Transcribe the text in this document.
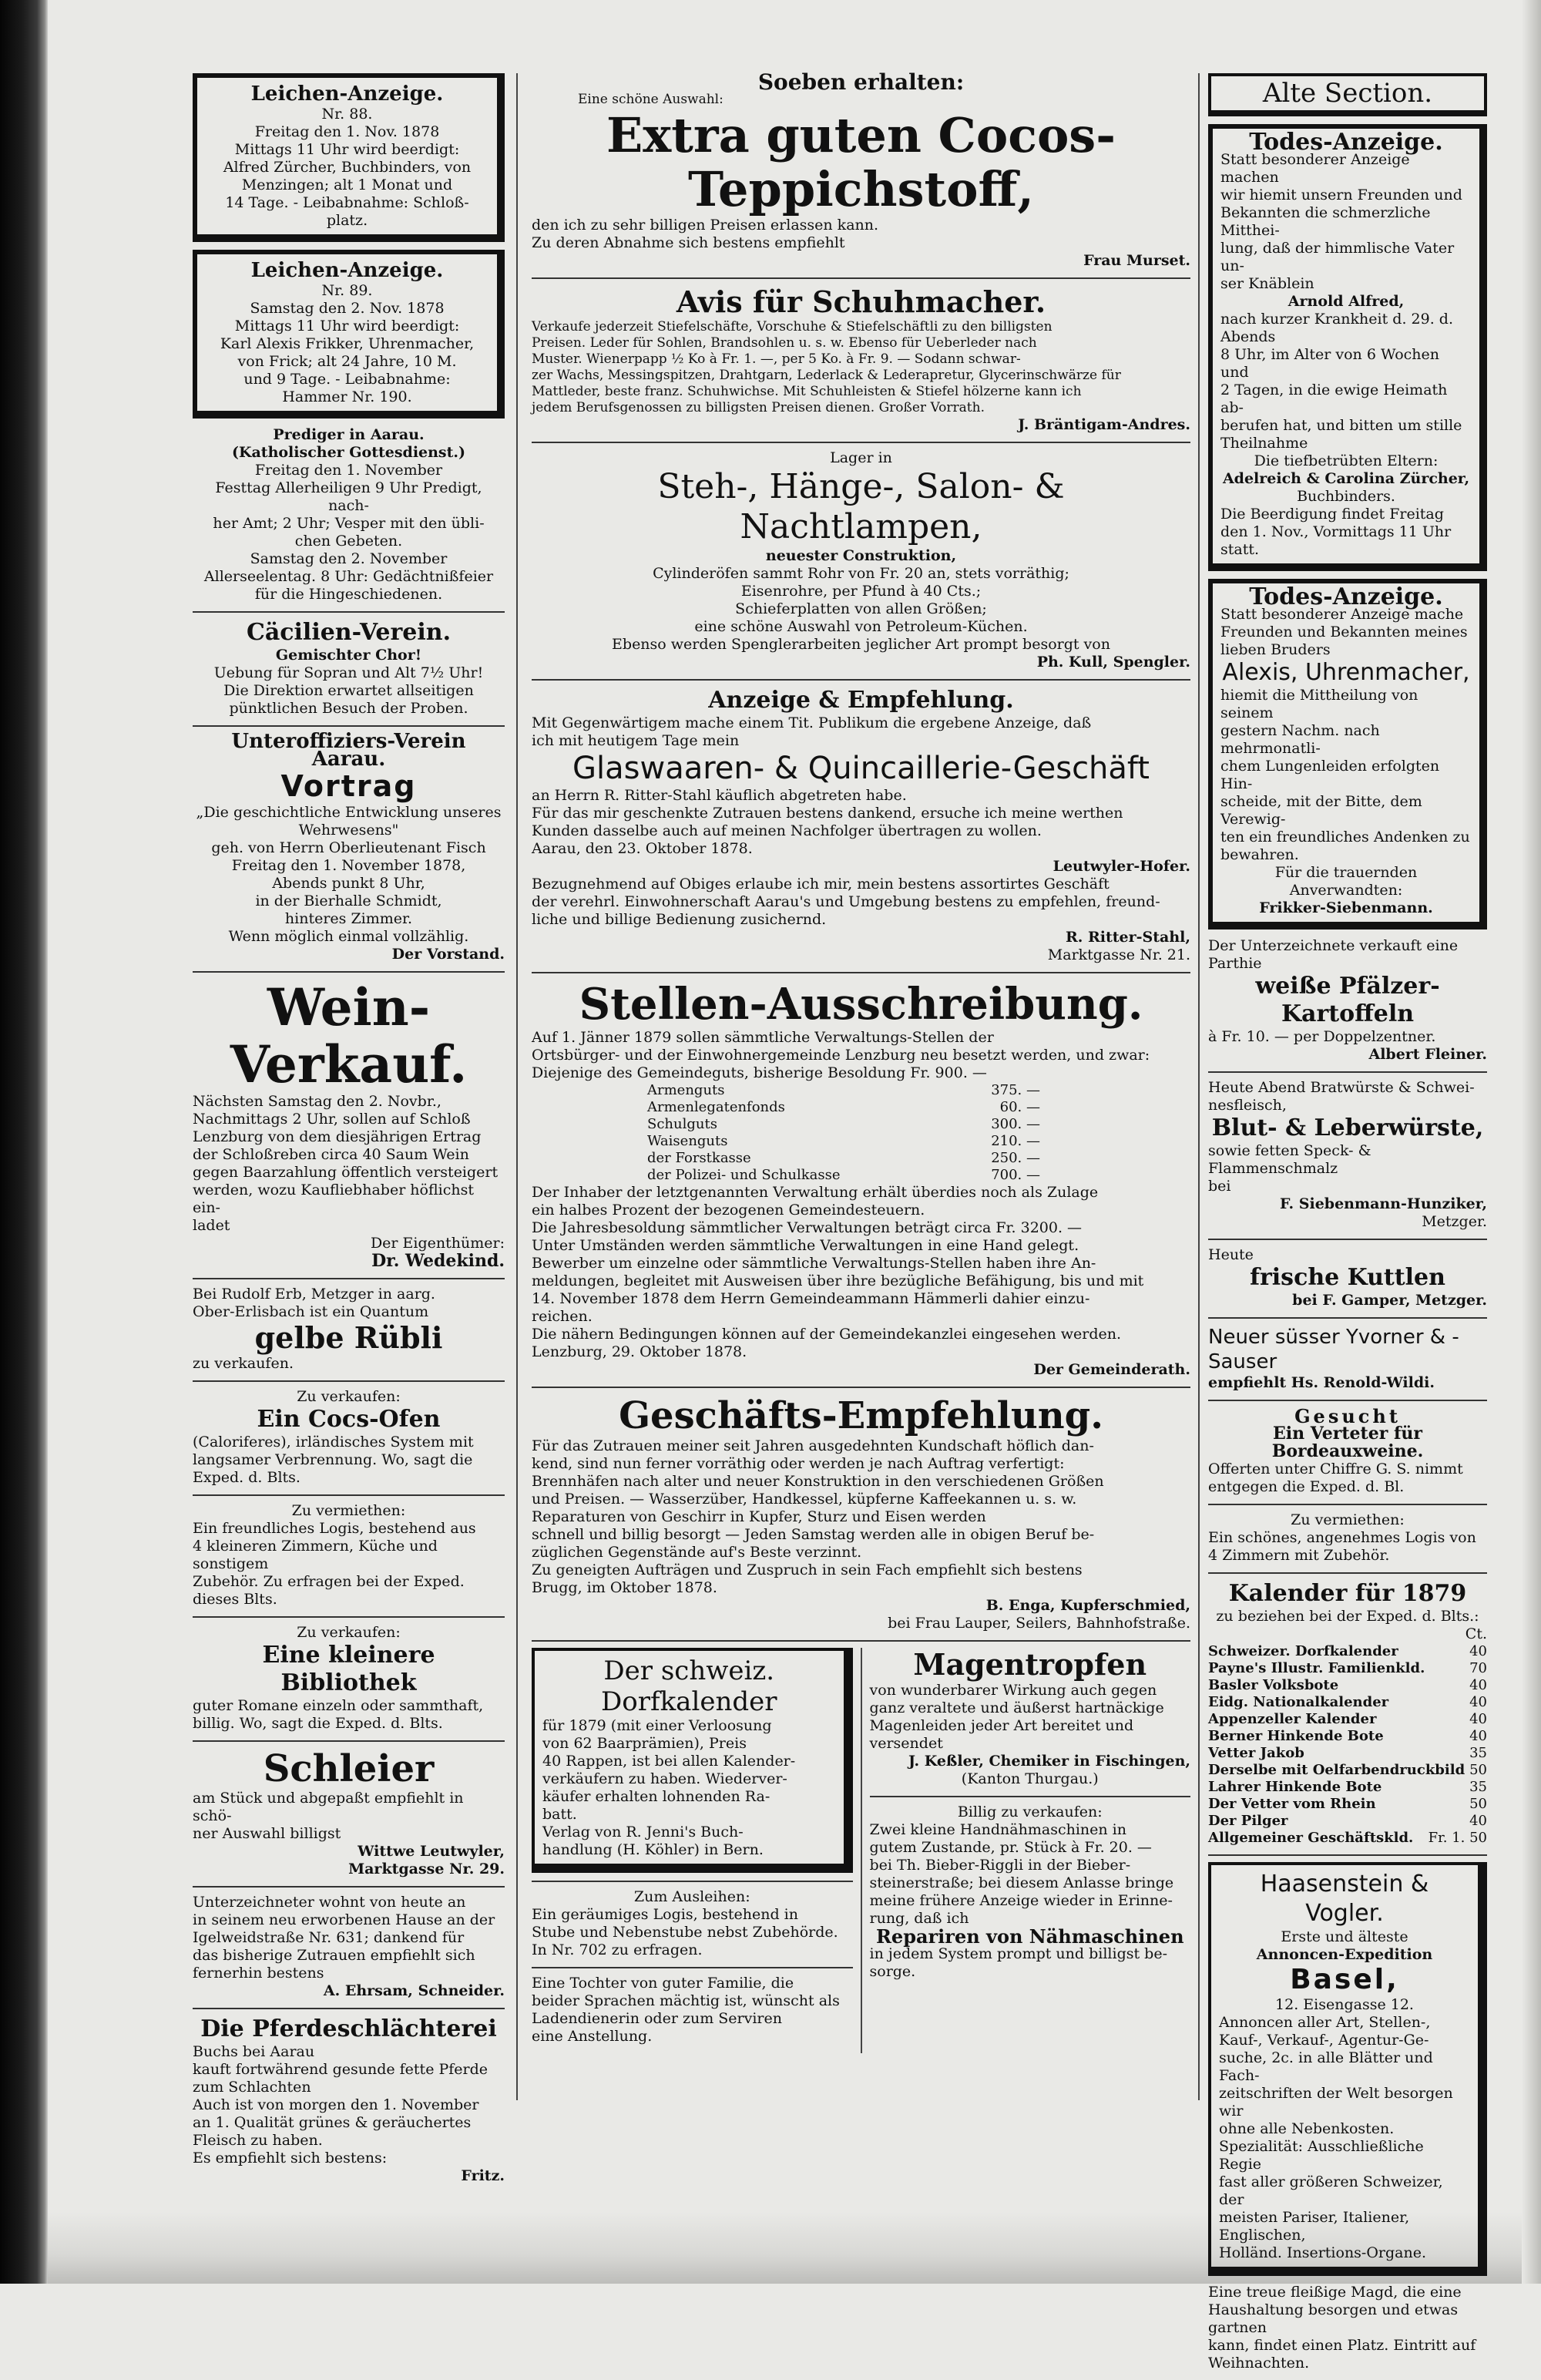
Leichen-Anzeige.
Nr. 88.
Freitag den 1. Nov. 1878
Mittags 11 Uhr wird beerdigt:
Alfred Zürcher, Buchbinders, von
Menzingen; alt 1 Monat und
14 Tage. - Leibabnahme: Schloß-
platz.
Leichen-Anzeige.
Nr. 89.
Samstag den 2. Nov. 1878
Mittags 11 Uhr wird beerdigt:
Karl Alexis Frikker, Uhrenmacher,
von Frick; alt 24 Jahre, 10 M.
und 9 Tage. - Leibabnahme:
Hammer Nr. 190.
Prediger in Aarau.
(Katholischer Gottesdienst.)
Freitag den 1. November
Festtag Allerheiligen 9 Uhr Predigt, nach-
her Amt; 2 Uhr; Vesper mit den übli-
chen Gebeten.
Samstag den 2. November
Allerseelentag. 8 Uhr: Gedächtnißfeier
für die Hingeschiedenen.
Cäcilien-Verein.
Gemischter Chor!
Uebung für Sopran und Alt 7½ Uhr!
Die Direktion erwartet allseitigen
pünktlichen Besuch der Proben.
Unteroffiziers-Verein Aarau.
Vortrag
„Die geschichtliche Entwicklung unseres
Wehrwesens"
geh. von Herrn Oberlieutenant Fisch
Freitag den 1. November 1878,
Abends punkt 8 Uhr,
in der Bierhalle Schmidt,
hinteres Zimmer.
Wenn möglich einmal vollzählig.
Der Vorstand.
Wein-Verkauf.
Nächsten Samstag den 2. Novbr.,
Nachmittags 2 Uhr, sollen auf Schloß
Lenzburg von dem diesjährigen Ertrag
der Schloßreben circa 40 Saum Wein
gegen Baarzahlung öffentlich versteigert
werden, wozu Kaufliebhaber höflichst ein-
ladet
Der Eigenthümer:
Dr. Wedekind.
Bei Rudolf Erb, Metzger in aarg.
Ober-Erlisbach ist ein Quantum
gelbe Rübli
zu verkaufen.
Zu verkaufen:
Ein Cocs-Ofen
(Caloriferes), irländisches System mit
langsamer Verbrennung. Wo, sagt die
Exped. d. Blts.
Zu vermiethen:
Ein freundliches Logis, bestehend aus
4 kleineren Zimmern, Küche und sonstigem
Zubehör. Zu erfragen bei der Exped.
dieses Blts.
Zu verkaufen:
Eine kleinere Bibliothek
guter Romane einzeln oder sammthaft,
billig. Wo, sagt die Exped. d. Blts.
Schleier
am Stück und abgepaßt empfiehlt in schö-
ner Auswahl billigst
Wittwe Leutwyler,
Marktgasse Nr. 29.
Unterzeichneter wohnt von heute an
in seinem neu erworbenen Hause an der
Igelweidstraße Nr. 631; dankend für
das bisherige Zutrauen empfiehlt sich
fernerhin bestens
A. Ehrsam, Schneider.
Die Pferdeschlächterei
Buchs bei Aarau
kauft fortwährend gesunde fette Pferde
zum Schlachten
Auch ist von morgen den 1. November
an 1. Qualität grünes & geräuchertes
Fleisch zu haben.
Es empfiehlt sich bestens:
Fritz.
Soeben erhalten:
Eine schöne Auswahl:
Extra guten Cocos-Teppichstoff,
den ich zu sehr billigen Preisen erlassen kann.
Zu deren Abnahme sich bestens empfiehlt
Frau Murset.
Avis für Schuhmacher.
Verkaufe jederzeit Stiefelschäfte, Vorschuhe & Stiefelschäftli zu den billigsten
Preisen. Leder für Sohlen, Brandsohlen u. s. w. Ebenso für Ueberleder nach
Muster. Wienerpapp ½ Ko à Fr. 1. —, per 5 Ko. à Fr. 9. — Sodann schwar-
zer Wachs, Messingspitzen, Drahtgarn, Lederlack & Lederapretur, Glycerinschwärze für
Mattleder, beste franz. Schuhwichse. Mit Schuhleisten & Stiefel hölzerne kann ich
jedem Berufsgenossen zu billigsten Preisen dienen. Großer Vorrath.
J. Bräntigam-Andres.
Lager in
Steh-, Hänge-, Salon- & Nachtlampen,
neuester Construktion,
Cylinderöfen sammt Rohr von Fr. 20 an, stets vorräthig;
Eisenrohre, per Pfund à 40 Cts.;
Schieferplatten von allen Größen;
eine schöne Auswahl von Petroleum-Küchen.
Ebenso werden Spenglerarbeiten jeglicher Art prompt besorgt von
Ph. Kull, Spengler.
Anzeige & Empfehlung.
Mit Gegenwärtigem mache einem Tit. Publikum die ergebene Anzeige, daß
ich mit heutigem Tage mein
Glaswaaren- & Quincaillerie-Geschäft
an Herrn R. Ritter-Stahl käuflich abgetreten habe.
Für das mir geschenkte Zutrauen bestens dankend, ersuche ich meine werthen
Kunden dasselbe auch auf meinen Nachfolger übertragen zu wollen.
Aarau, den 23. Oktober 1878.
Leutwyler-Hofer.
Bezugnehmend auf Obiges erlaube ich mir, mein bestens assortirtes Geschäft
der verehrl. Einwohnerschaft Aarau's und Umgebung bestens zu empfehlen, freund-
liche und billige Bedienung zusichernd.
R. Ritter-Stahl,
Marktgasse Nr. 21.
Stellen-Ausschreibung.
Auf 1. Jänner 1879 sollen sämmtliche Verwaltungs-Stellen der
Ortsbürger- und der Einwohnergemeinde Lenzburg neu besetzt werden, und zwar:
Diejenige des Gemeindeguts, bisherige Besoldung Fr. 900. —
Armenguts	375. —
Armenlegatenfonds	60. —
Schulguts	300. —
Waisenguts	210. —
der Forstkasse	250. —
der Polizei- und Schulkasse	700. —
Der Inhaber der letztgenannten Verwaltung erhält überdies noch als Zulage
ein halbes Prozent der bezogenen Gemeindesteuern.
Die Jahresbesoldung sämmtlicher Verwaltungen beträgt circa Fr. 3200. —
Unter Umständen werden sämmtliche Verwaltungen in eine Hand gelegt.
Bewerber um einzelne oder sämmtliche Verwaltungs-Stellen haben ihre An-
meldungen, begleitet mit Ausweisen über ihre bezügliche Befähigung, bis und mit
14. November 1878 dem Herrn Gemeindeammann Hämmerli dahier einzu-
reichen.
Die nähern Bedingungen können auf der Gemeindekanzlei eingesehen werden.
Lenzburg, 29. Oktober 1878.
Der Gemeinderath.
Geschäfts-Empfehlung.
Für das Zutrauen meiner seit Jahren ausgedehnten Kundschaft höflich dan-
kend, sind nun ferner vorräthig oder werden je nach Auftrag verfertigt:
Brennhäfen nach alter und neuer Konstruktion in den verschiedenen Größen
und Preisen. — Wasserzüber, Handkessel, küpferne Kaffeekannen u. s. w.
Reparaturen von Geschirr in Kupfer, Sturz und Eisen werden
schnell und billig besorgt — Jeden Samstag werden alle in obigen Beruf be-
züglichen Gegenstände auf's Beste verzinnt.
Zu geneigten Aufträgen und Zuspruch in sein Fach empfiehlt sich bestens
Brugg, im Oktober 1878.
B. Enga, Kupferschmied,
bei Frau Lauper, Seilers, Bahnhofstraße.
Der schweiz. Dorfkalender
für 1879 (mit einer Verloosung
von 62 Baarprämien), Preis
40 Rappen, ist bei allen Kalender-
verkäufern zu haben. Wiederver-
käufer erhalten lohnenden Ra-
batt.
Verlag von R. Jenni's Buch-
handlung (H. Köhler) in Bern.
Zum Ausleihen:
Ein geräumiges Logis, bestehend in
Stube und Nebenstube nebst Zubehörde.
In Nr. 702 zu erfragen.
Eine Tochter von guter Familie, die
beider Sprachen mächtig ist, wünscht als
Ladendienerin oder zum Serviren
eine Anstellung.
Magentropfen
von wunderbarer Wirkung auch gegen
ganz veraltete und äußerst hartnäckige
Magenleiden jeder Art bereitet und versendet
J. Keßler, Chemiker in Fischingen,
(Kanton Thurgau.)
Billig zu verkaufen:
Zwei kleine Handnähmaschinen in
gutem Zustande, pr. Stück à Fr. 20. —
bei Th. Bieber-Riggli in der Bieber-
steinerstraße; bei diesem Anlasse bringe
meine frühere Anzeige wieder in Erinne-
rung, daß ich
Repariren von Nähmaschinen
in jedem System prompt und billigst be-
sorge.
Alte Section.
Todes-Anzeige.
Statt besonderer Anzeige machen
wir hiemit unsern Freunden und
Bekannten die schmerzliche Mitthei-
lung, daß der himmlische Vater un-
ser Knäblein
Arnold Alfred,
nach kurzer Krankheit d. 29. d. Abends
8 Uhr, im Alter von 6 Wochen und
2 Tagen, in die ewige Heimath ab-
berufen hat, und bitten um stille
Theilnahme
Die tiefbetrübten Eltern:
Adelreich & Carolina Zürcher,
Buchbinders.
Die Beerdigung findet Freitag
den 1. Nov., Vormittags 11 Uhr
statt.
Todes-Anzeige.
Statt besonderer Anzeige mache
Freunden und Bekannten meines
lieben Bruders
Alexis, Uhrenmacher,
hiemit die Mittheilung von seinem
gestern Nachm. nach mehrmonatli-
chem Lungenleiden erfolgten Hin-
scheide, mit der Bitte, dem Verewig-
ten ein freundliches Andenken zu
bewahren.
Für die trauernden Anverwandten:
Frikker-Siebenmann.
Der Unterzeichnete verkauft eine
Parthie
weiße Pfälzer-Kartoffeln
à Fr. 10. — per Doppelzentner.
Albert Fleiner.
Heute Abend Bratwürste & Schwei-
nesfleisch,
Blut- & Leberwürste,
sowie fetten Speck- & Flammenschmalz
bei
F. Siebenmann-Hunziker,
Metzger.
Heute
frische Kuttlen
bei F. Gamper, Metzger.
Neuer süsser Yvorner & -Sauser
empfiehlt Hs. Renold-Wildi.
Gesucht
Ein Verteter für Bordeauxweine.
Offerten unter Chiffre G. S. nimmt
entgegen die Exped. d. Bl.
Zu vermiethen:
Ein schönes, angenehmes Logis von
4 Zimmern mit Zubehör.
Kalender für 1879
zu beziehen bei der Exped. d. Blts.:
Ct.
Schweizer. Dorfkalender	40
Payne's Illustr. Familienkld.	70
Basler Volksbote	40
Eidg. Nationalkalender	40
Appenzeller Kalender	40
Berner Hinkende Bote	40
Vetter Jakob	35
Derselbe mit Oelfarbendruckbild 50
Lahrer Hinkende Bote	35
Der Vetter vom Rhein	50
Der Pilger	40
Allgemeiner Geschäftskld. Fr. 1. 50
Haasenstein & Vogler.
Erste und älteste
Annoncen-Expedition
Basel,
12. Eisengasse 12.
Annoncen aller Art, Stellen-,
Kauf-, Verkauf-, Agentur-Ge-
suche, 2c. in alle Blätter und Fach-
zeitschriften der Welt besorgen wir
ohne alle Nebenkosten.
Spezialität: Ausschließliche Regie
fast aller größeren Schweizer, der
meisten Pariser, Italiener, Englischen,
Holländ. Insertions-Organe.
Eine treue fleißige Magd, die eine
Haushaltung besorgen und etwas gartnen
kann, findet einen Platz. Eintritt auf
Weihnachten.
